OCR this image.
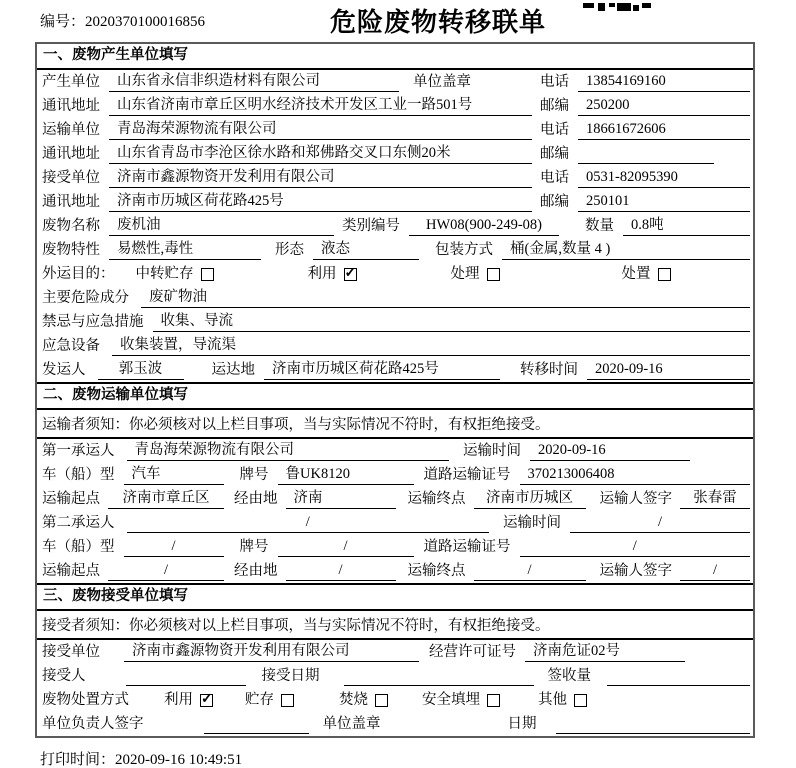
编号：2020370100016856	危险废物转移联单
一、废物产生单位填写
产生单位	山东省永信非织造材料有限公司	单位盖章	电话	13854169160
通讯地址	山东省济南市章丘区明水经济技术开发区工业一路501号	邮编	250200
运输单位	青岛海荣源物流有限公司	电话	18661672606
通讯地址	山东省青岛市李沧区徐水路和郑佛路交叉口东侧20米	邮编
接受单位	济南市鑫源物资开发利用有限公司	电话	0531-82095390
通讯地址	济南市历城区荷花路425号	邮编	250101
废物名称	废机油	类别编号	HW08(900-249-08)	数量	0.8吨
废物特性	易燃性,毒性	形态	液态	包装方式	桶(金属,数量 4 )
外运目的： 中转贮存	利用 ✓	处理	处置
主要危险成分	废矿物油
禁忌与应急措施	收集、导流
应急设备	收集装置，导流渠
发运人	郭玉波	运达地	济南市历城区荷花路425号	转移时间	2020-09-16
二、废物运输单位填写
运输者须知：你必须核对以上栏目事项，当与实际情况不符时，有权拒绝接受。
第一承运人	青岛海荣源物流有限公司	运输时间	2020-09-16
车（船）型	汽车	牌号	鲁UK8120	道路运输证号	370213006408
运输起点	济南市章丘区	经由地	济南	运输终点	济南市历城区	运输人签字	张春雷
第二承运人	/	运输时间	/
车（船）型	/	牌号	/	道路运输证号	/
运输起点	/	经由地	/	运输终点	/	运输人签字	/
三、废物接受单位填写
接受者须知：你必须核对以上栏目事项，当与实际情况不符时，有权拒绝接受。
接受单位	济南市鑫源物资开发利用有限公司	经营许可证号	济南危证02号
接受人	接受日期	签收量
废物处置方式 利用 ✓	贮存	焚烧	安全填埋	其他
单位负责人签字	单位盖章	日期
打印时间：2020-09-16 10:49:51
